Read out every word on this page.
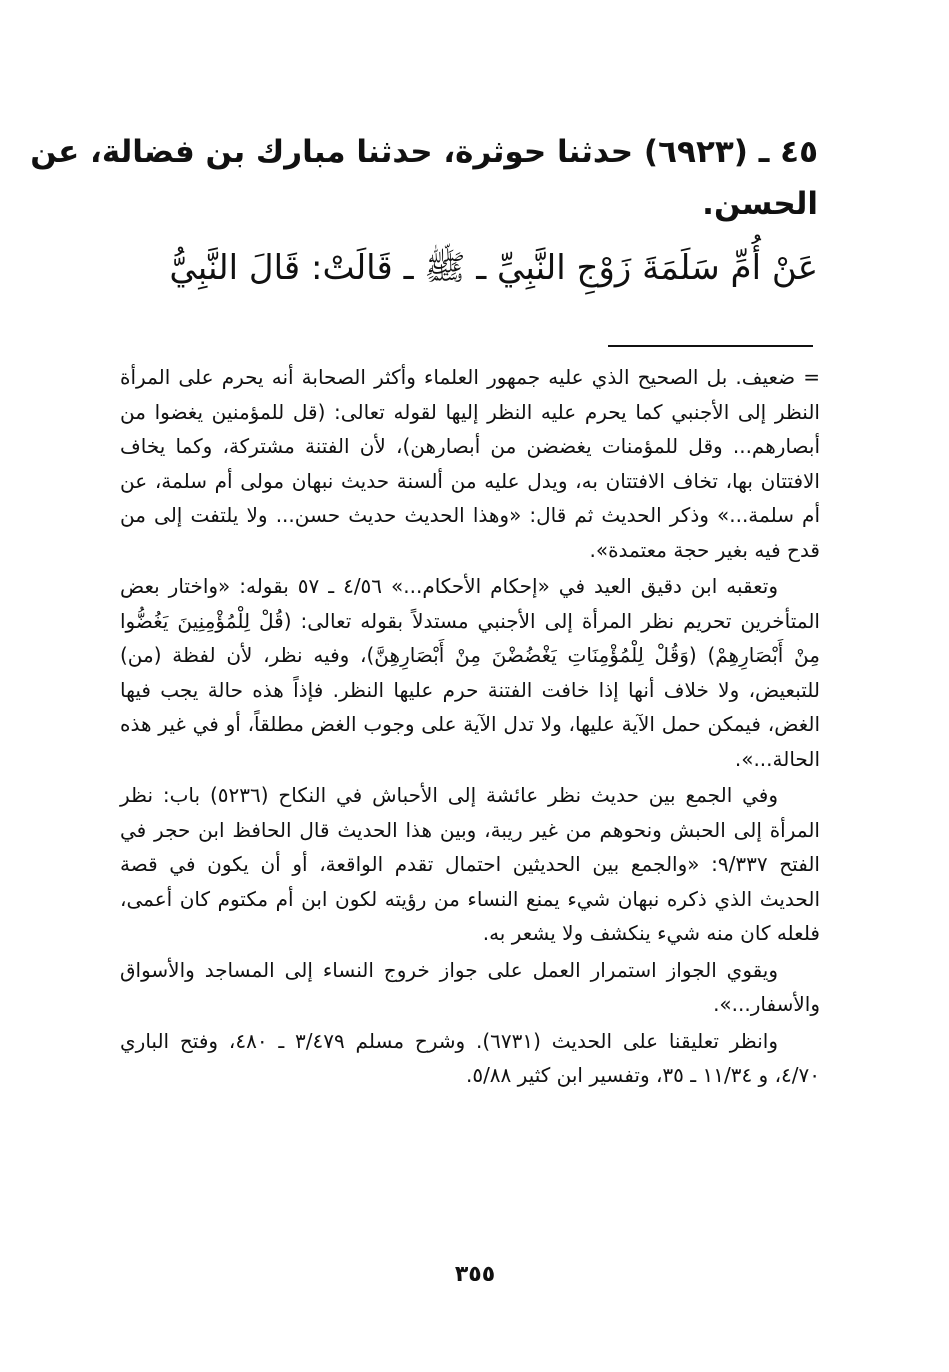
٤٥ ـ (٦٩٢٣) حدثنا حوثرة، حدثنا مبارك بن فضالة، عن

الحسن.

عَنْ أُمِّ سَلَمَةَ زَوْجِ النَّبِيِّ ـ ﷺ ـ قَالَتْ: قَالَ النَّبِيُّ

= ضعيف. بل الصحيح الذي عليه جمهور العلماء وأكثر الصحابة أنه يحرم على المرأة النظر إلى الأجنبي كما يحرم عليه النظر إليها لقوله تعالى: (قل للمؤمنين يغضوا من أبصارهم... وقل للمؤمنات يغضضن من أبصارهن)، لأن الفتنة مشتركة، وكما يخاف الافتتان بها، تخاف الافتتان به، ويدل عليه من ألسنة حديث نبهان مولى أم سلمة، عن أم سلمة...» وذكر الحديث ثم قال: «وهذا الحديث حديث حسن... ولا يلتفت إلى من قدح فيه بغير حجة معتمدة».

وتعقبه ابن دقيق العيد في «إحكام الأحكام...» ٤/٥٦ ـ ٥٧ بقوله: «واختار بعض المتأخرين تحريم نظر المرأة إلى الأجنبي مستدلاً بقوله تعالى: (قُلْ لِلْمُؤْمِنِينَ يَغُضُّوا مِنْ أَبْصَارِهِمْ) (وَقُلْ لِلْمُؤْمِنَاتِ يَغْضُضْنَ مِنْ أَبْصَارِهِنَّ)، وفيه نظر، لأن لفظة (من) للتبعيض، ولا خلاف أنها إذا خافت الفتنة حرم عليها النظر. فإذاً هذه حالة يجب فيها الغض، فيمكن حمل الآية عليها، ولا تدل الآية على وجوب الغض مطلقاً، أو في غير هذه الحالة...».

وفي الجمع بين حديث نظر عائشة إلى الأحباش في النكاح (٥٢٣٦) باب: نظر المرأة إلى الحبش ونحوهم من غير ريبة، وبين هذا الحديث قال الحافظ ابن حجر في الفتح ٩/٣٣٧: «والجمع بين الحديثين احتمال تقدم الواقعة، أو أن يكون في قصة الحديث الذي ذكره نبهان شيء يمنع النساء من رؤيته لكون ابن أم مكتوم كان أعمى، فلعله كان منه شيء ينكشف ولا يشعر به.

ويقوي الجواز استمرار العمل على جواز خروج النساء إلى المساجد والأسواق والأسفار...».

وانظر تعليقنا على الحديث (٦٧٣١). وشرح مسلم ٣/٤٧٩ ـ ٤٨٠، وفتح الباري ٤/٧٠، و ١١/٣٤ ـ ٣٥، وتفسير ابن كثير ٥/٨٨.

٣٥٥
